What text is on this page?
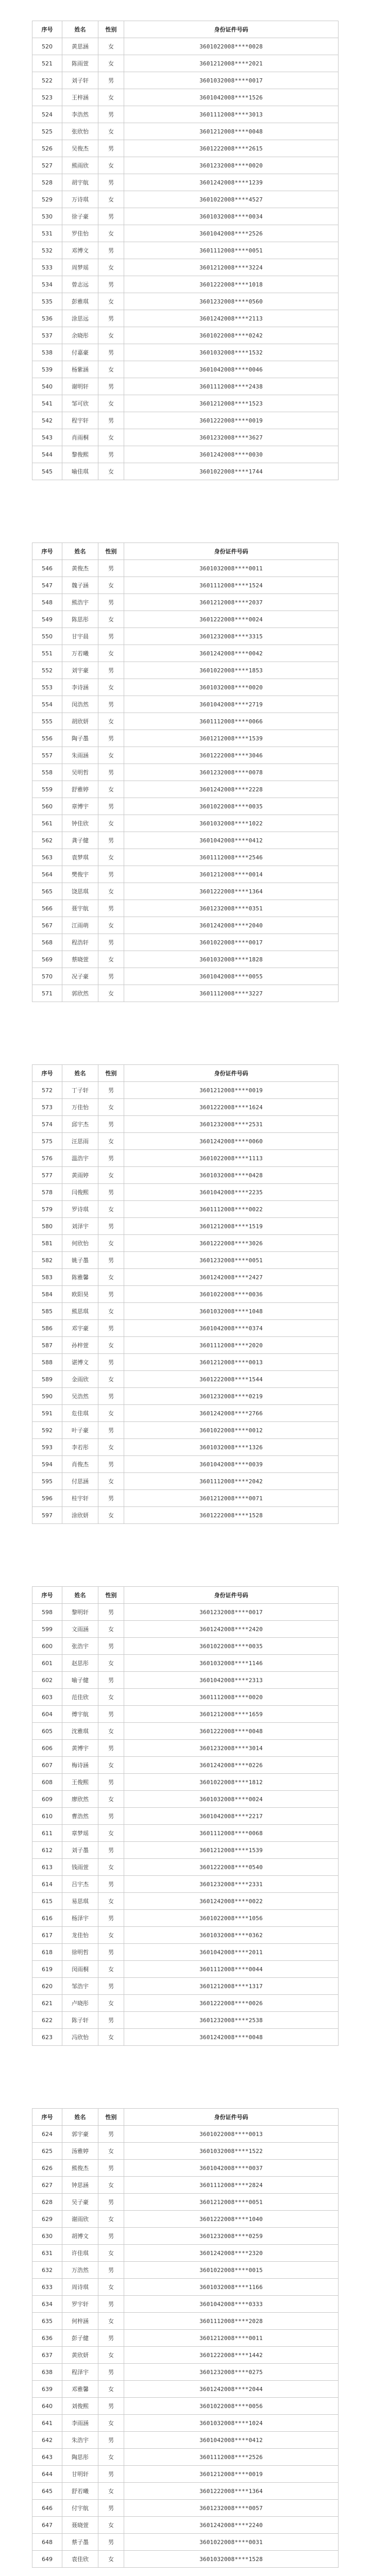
序号	姓名	性别	身份证件号码
520	黄思涵	女	3601022008****0028
521	陈雨萱	女	3601212008****2021
522	刘子轩	男	3601032008****0017
523	王梓涵	女	3601042008****1526
524	李浩然	男	3601112008****3013
525	张欣怡	女	3601212008****0048
526	吴俊杰	男	3601222008****2615
527	熊雨欣	女	3601232008****0020
528	胡宇航	男	3601242008****1239
529	万诗琪	女	3601022008****4527
530	徐子豪	男	3601032008****0034
531	罗佳怡	女	3601042008****2526
532	邓博文	男	3601112008****0051
533	周梦瑶	女	3601212008****3224
534	曾志远	男	3601222008****1018
535	彭雅琪	女	3601232008****0560
536	涂思远	男	3601242008****2113
537	余晓彤	女	3601022008****0242
538	付嘉豪	男	3601032008****1532
539	杨紫涵	女	3601042008****0046
540	谢明轩	男	3601112008****2438
541	邹可欣	女	3601212008****1523
542	程宇轩	男	3601222008****0019
543	肖雨桐	女	3601232008****3627
544	黎俊熙	男	3601242008****0030
545	喻佳琪	女	3601022008****1744
序号	姓名	性别	身份证件号码
546	黄俊杰	男	3601032008****0011
547	魏子涵	女	3601112008****1524
548	熊浩宇	男	3601212008****2037
549	陈思彤	女	3601222008****0024
550	甘宇晨	男	3601232008****3315
551	万若曦	女	3601242008****0042
552	刘宇豪	男	3601022008****1853
553	李诗涵	女	3601032008****0020
554	闵浩然	男	3601042008****2719
555	胡欣妍	女	3601112008****0066
556	陶子墨	男	3601212008****1539
557	朱雨涵	女	3601222008****3046
558	吴明哲	男	3601232008****0078
559	舒雅婷	女	3601242008****2228
560	章博宇	男	3601022008****0035
561	钟佳欣	女	3601032008****1022
562	龚子健	男	3601042008****0412
563	袁梦琪	女	3601112008****2546
564	樊俊宇	男	3601212008****0014
565	饶思琪	女	3601222008****1364
566	聂宇航	男	3601232008****0351
567	江雨萌	女	3601242008****2040
568	程浩轩	男	3601022008****0017
569	蔡晓萱	女	3601032008****1828
570	况子豪	男	3601042008****0055
571	郭欣然	女	3601112008****3227
序号	姓名	性别	身份证件号码
572	丁子轩	男	3601212008****0019
573	万佳怡	女	3601222008****1624
574	邱宇杰	男	3601232008****2531
575	汪思雨	女	3601242008****0060
576	温浩宇	男	3601022008****1113
577	黄雨婷	女	3601032008****0428
578	闫俊熙	男	3601042008****2235
579	罗诗琪	女	3601112008****0022
580	刘泽宇	男	3601212008****1519
581	何欣怡	女	3601222008****3026
582	姚子墨	男	3601232008****0051
583	陈雅馨	女	3601242008****2427
584	欧阳昊	男	3601022008****0036
585	熊思琪	女	3601032008****1048
586	邓宇豪	男	3601042008****0374
587	孙梓萱	女	3601112008****2020
588	谌博文	男	3601212008****0013
589	金雨欣	女	3601222008****1544
590	吴浩然	男	3601232008****0219
591	危佳琪	女	3601242008****2766
592	叶子豪	男	3601022008****0012
593	李若彤	女	3601032008****1326
594	肖俊杰	男	3601042008****0039
595	付思涵	女	3601112008****2042
596	桂宇轩	男	3601212008****0071
597	涂欣妍	女	3601222008****1528
序号	姓名	性别	身份证件号码
598	黎明轩	男	3601232008****0017
599	文雨涵	女	3601242008****2420
600	张浩宇	男	3601022008****0035
601	赵思彤	女	3601032008****1146
602	喻子健	男	3601042008****2313
603	范佳欣	女	3601112008****0020
604	傅宇航	男	3601212008****1659
605	沈雅琪	女	3601222008****0048
606	黄博宇	男	3601232008****3014
607	梅诗涵	女	3601242008****0226
608	王俊熙	男	3601022008****1812
609	廖欣然	女	3601032008****0024
610	曹浩然	男	3601042008****2217
611	章梦瑶	女	3601112008****0068
612	刘子墨	男	3601212008****1539
613	钱雨萱	女	3601222008****0540
614	吕宇杰	男	3601232008****2331
615	易思琪	女	3601242008****0022
616	杨泽宇	男	3601022008****1056
617	龙佳怡	女	3601032008****0362
618	徐明哲	男	3601042008****2011
619	闵雨桐	女	3601112008****0044
620	邹浩宇	男	3601212008****1317
621	卢晓彤	女	3601222008****0026
622	陈子轩	男	3601232008****2538
623	冯欣怡	女	3601242008****0048
序号	姓名	性别	身份证件号码
624	郭宇豪	男	3601022008****0013
625	汤雅婷	女	3601032008****1522
626	熊俊杰	男	3601042008****0037
627	钟思涵	女	3601112008****2824
628	吴子豪	男	3601212008****0051
629	谢雨欣	女	3601222008****1040
630	胡博文	男	3601232008****0259
631	许佳琪	女	3601242008****2320
632	万浩然	男	3601022008****0015
633	周诗琪	女	3601032008****1166
634	罗宇轩	男	3601042008****0333
635	何梓涵	女	3601112008****2028
636	彭子健	男	3601212008****0011
637	黄欣妍	女	3601222008****1442
638	程泽宇	男	3601232008****0275
639	邓雅馨	女	3601242008****2044
640	刘俊熙	男	3601022008****0056
641	李雨涵	女	3601032008****1024
642	朱浩宇	男	3601042008****0412
643	陶思彤	女	3601112008****2526
644	甘明轩	男	3601212008****0019
645	舒若曦	女	3601222008****1364
646	付宇航	男	3601232008****0057
647	聂晓萱	女	3601242008****2240
648	蔡子墨	男	3601022008****0031
649	袁佳欣	女	3601032008****1528
